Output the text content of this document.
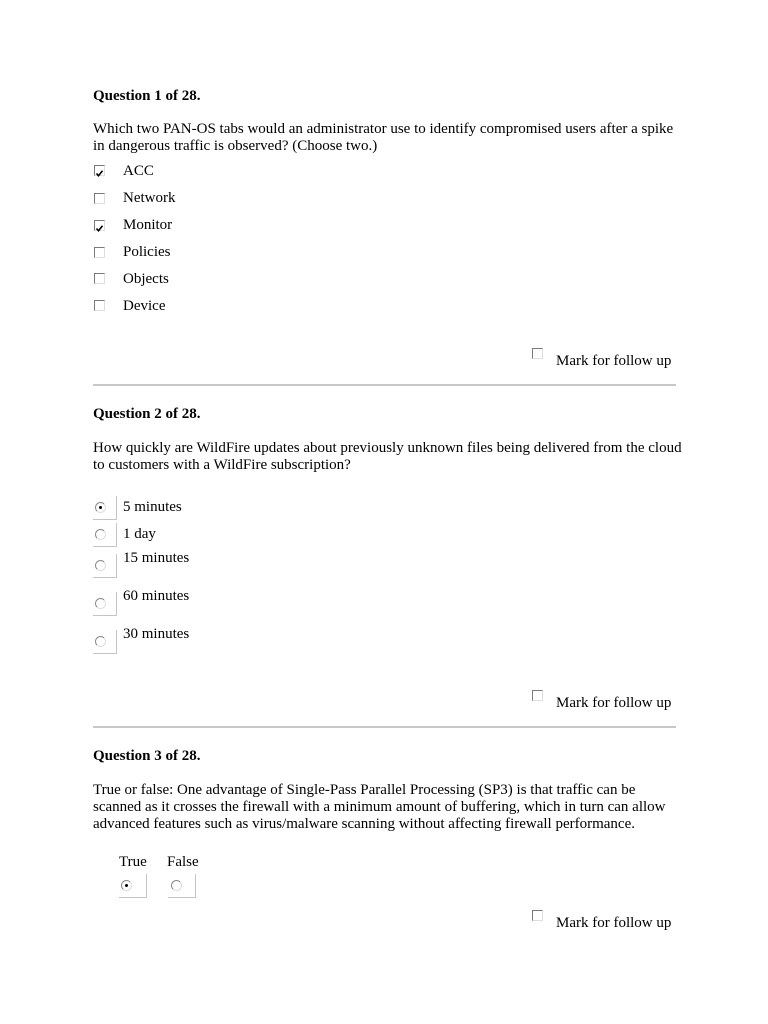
Question 1 of 28.
Which two PAN-OS tabs would an administrator use to identify compromised users after a spike in dangerous traffic is observed? (Choose two.)
ACC
Network
Monitor
Policies
Objects
Device
Mark for follow up
Question 2 of 28.
How quickly are WildFire updates about previously unknown files being delivered from the cloud to customers with a WildFire subscription?
5 minutes
1 day
15 minutes
60 minutes
30 minutes
Mark for follow up
Question 3 of 28.
True or false: One advantage of Single-Pass Parallel Processing (SP3) is that traffic can be scanned as it crosses the firewall with a minimum amount of buffering, which in turn can allow advanced features such as virus/malware scanning without affecting firewall performance.
True False
Mark for follow up
